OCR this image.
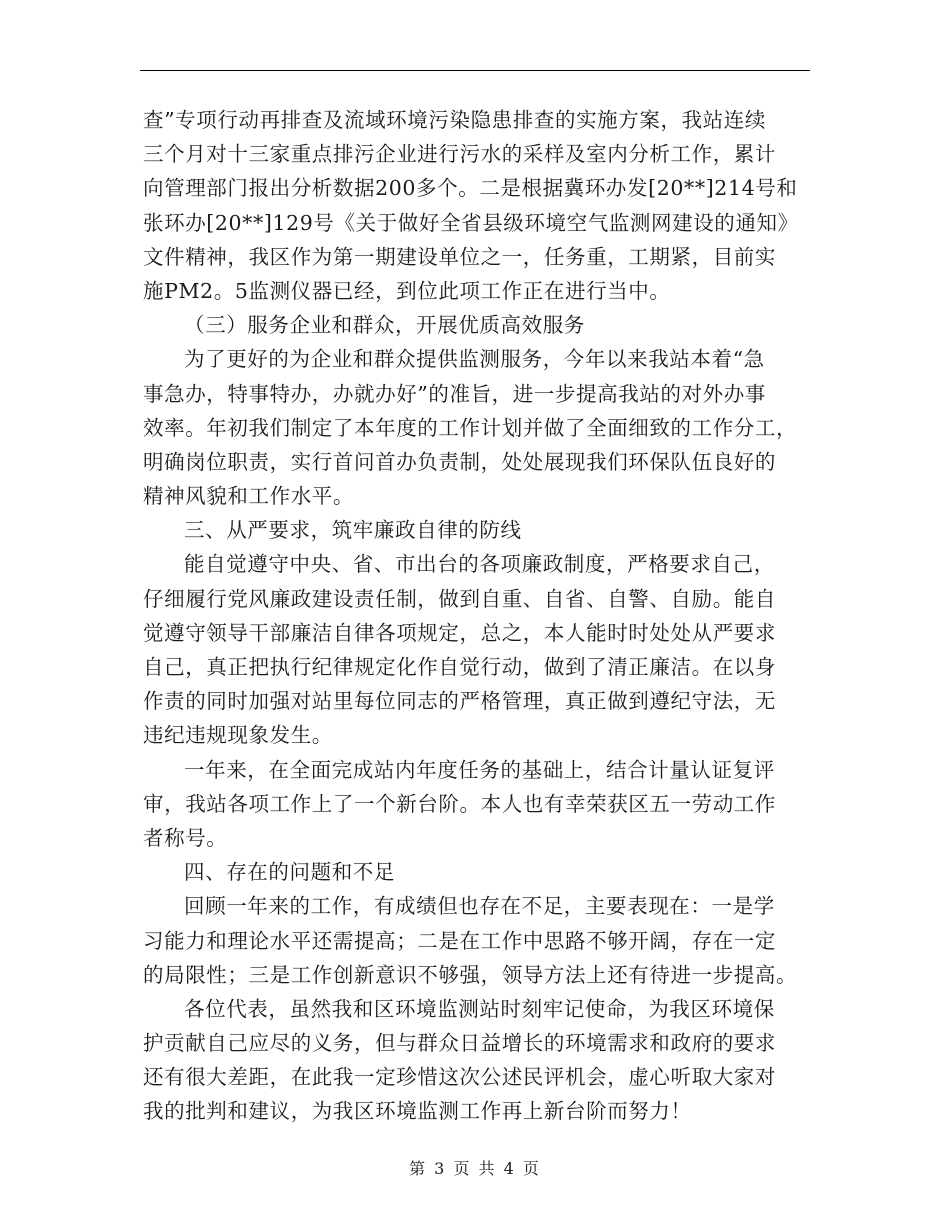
查”专项行动再排查及流域环境污染隐患排查的实施方案，我站连续
三个月对十三家重点排污企业进行污水的采样及室内分析工作，累计
向管理部门报出分析数据200多个。二是根据冀环办发[20**]214号和
张环办[20**]129号《关于做好全省县级环境空气监测网建设的通知》
文件精神，我区作为第一期建设单位之一，任务重，工期紧，目前实
施PM2。5监测仪器已经，到位此项工作正在进行当中。
（三）服务企业和群众，开展优质高效服务
为了更好的为企业和群众提供监测服务，今年以来我站本着“急
事急办，特事特办，办就办好”的准旨，进一步提高我站的对外办事
效率。年初我们制定了本年度的工作计划并做了全面细致的工作分工，
明确岗位职责，实行首问首办负责制，处处展现我们环保队伍良好的
精神风貌和工作水平。
三、从严要求，筑牢廉政自律的防线
能自觉遵守中央、省、市出台的各项廉政制度，严格要求自己，
仔细履行党风廉政建设责任制，做到自重、自省、自警、自励。能自
觉遵守领导干部廉洁自律各项规定，总之，本人能时时处处从严要求
自己，真正把执行纪律规定化作自觉行动，做到了清正廉洁。在以身
作责的同时加强对站里每位同志的严格管理，真正做到遵纪守法，无
违纪违规现象发生。
一年来，在全面完成站内年度任务的基础上，结合计量认证复评
审，我站各项工作上了一个新台阶。本人也有幸荣获区五一劳动工作
者称号。
四、存在的问题和不足
回顾一年来的工作，有成绩但也存在不足，主要表现在：一是学
习能力和理论水平还需提高；二是在工作中思路不够开阔，存在一定
的局限性；三是工作创新意识不够强，领导方法上还有待进一步提高。
各位代表，虽然我和区环境监测站时刻牢记使命，为我区环境保
护贡献自己应尽的义务，但与群众日益增长的环境需求和政府的要求
还有很大差距，在此我一定珍惜这次公述民评机会，虚心听取大家对
我的批判和建议，为我区环境监测工作再上新台阶而努力！
第 3 页 共 4 页
